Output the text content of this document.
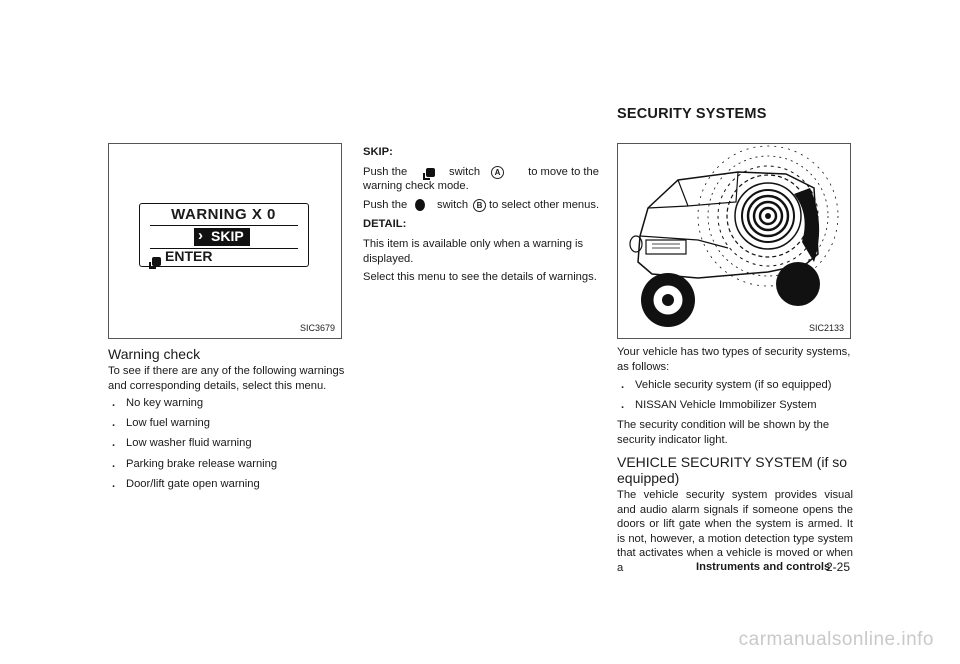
SECURITY SYSTEMS
WARNING X 0
› SKIP
ENTER
SIC3679
Warning check
To see if there are any of the following warnings and corresponding details, select this menu.
. No key warning
. Low fuel warning
. Low washer fluid warning
. Parking brake release warning
. Door/lift gate open warning
SKIP:
Push the	switch	A	to move to the
warning check mode.
Push the	switch	B to select other menus.
DETAIL:
This item is available only when a warning is displayed.
Select this menu to see the details of warnings.
SIC2133
Your vehicle has two types of security systems, as follows:
. Vehicle security system (if so equipped)
. NISSAN Vehicle Immobilizer System
The security condition will be shown by the security indicator light.
VEHICLE SECURITY SYSTEM (if so equipped)
The vehicle security system provides visual and audio alarm signals if someone opens the doors or lift gate when the system is armed. It is not, however, a motion detection type system that activates when a vehicle is moved or when a	Instruments and controls
2-25
carmanualsonline.info
